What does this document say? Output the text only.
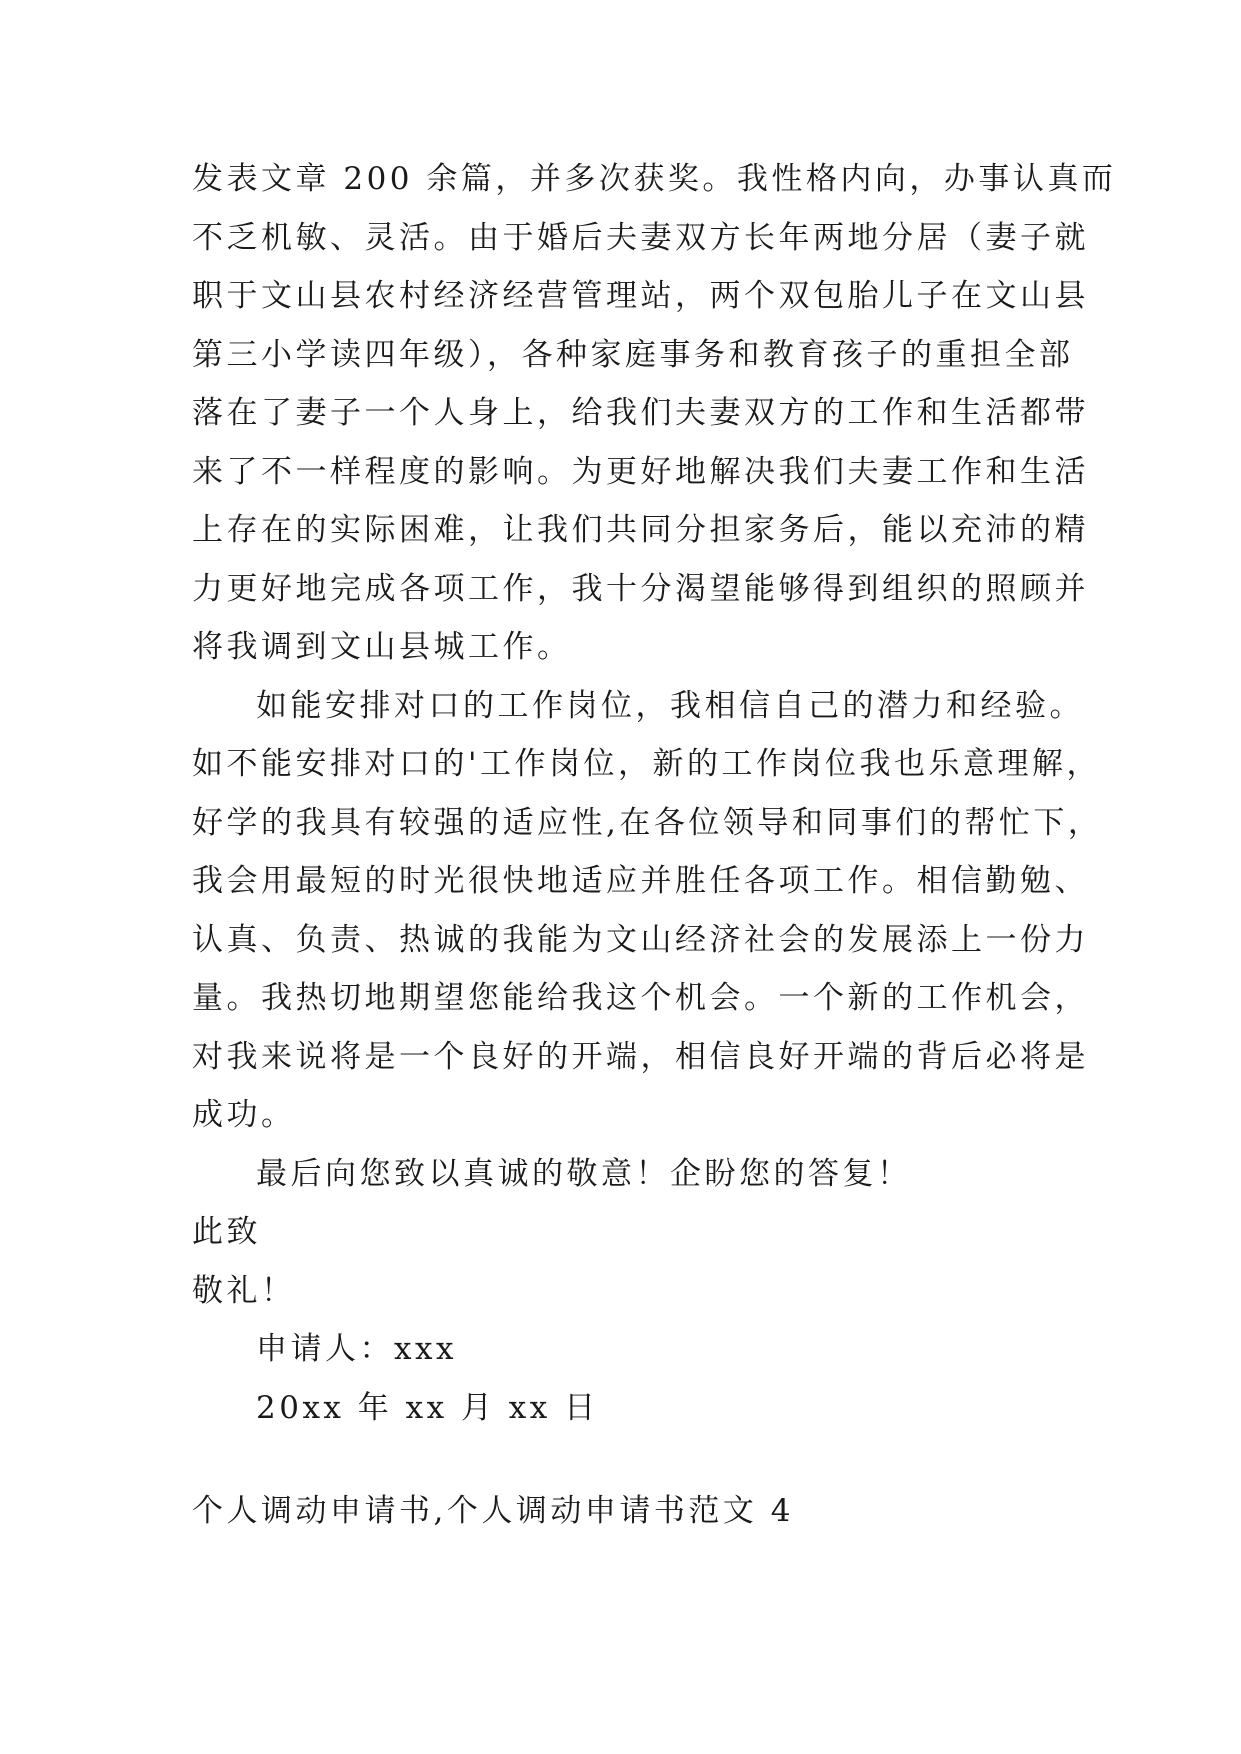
发表文章 200 余篇，并多次获奖。我性格内向，办事认真而
不乏机敏、灵活。由于婚后夫妻双方长年两地分居（妻子就
职于文山县农村经济经营管理站，两个双包胎儿子在文山县
第三小学读四年级），各种家庭事务和教育孩子的重担全部
落在了妻子一个人身上，给我们夫妻双方的工作和生活都带
来了不一样程度的影响。为更好地解决我们夫妻工作和生活
上存在的实际困难，让我们共同分担家务后，能以充沛的精
力更好地完成各项工作，我十分渴望能够得到组织的照顾并
将我调到文山县城工作。
如能安排对口的工作岗位，我相信自己的潜力和经验。
如不能安排对口的'工作岗位，新的工作岗位我也乐意理解，
好学的我具有较强的适应性,在各位领导和同事们的帮忙下，
我会用最短的时光很快地适应并胜任各项工作。相信勤勉、
认真、负责、热诚的我能为文山经济社会的发展添上一份力
量。我热切地期望您能给我这个机会。一个新的工作机会，
对我来说将是一个良好的开端，相信良好开端的背后必将是
成功。
最后向您致以真诚的敬意！企盼您的答复！
此致
敬礼！
申请人：xxx
20xx 年 xx 月 xx 日
个人调动申请书,个人调动申请书范文 4
